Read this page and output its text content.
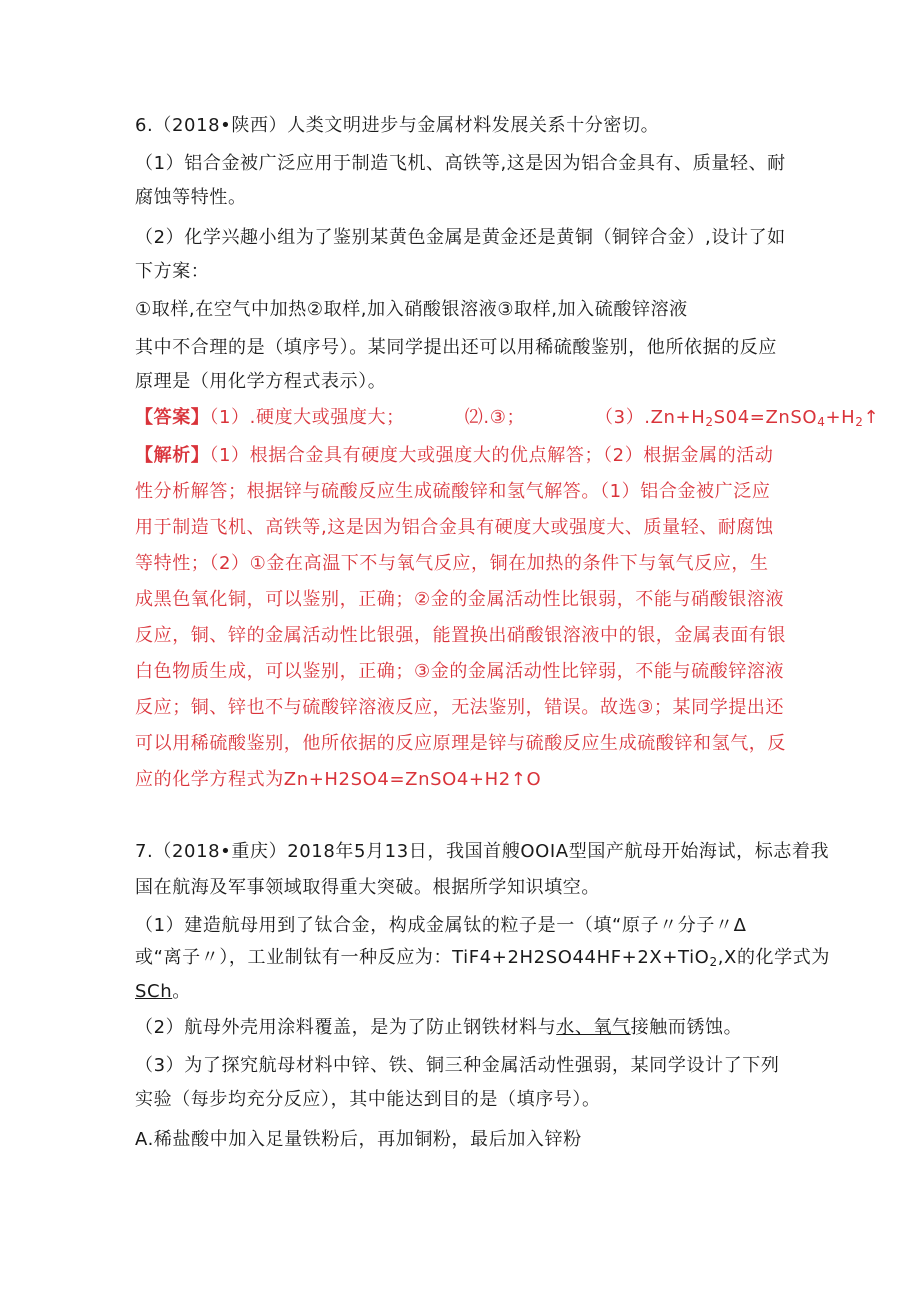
6.（2018•陕西）人类文明进步与金属材料发展关系十分密切。
（1）铝合金被广泛应用于制造飞机、高铁等,这是因为铝合金具有、质量轻、耐
腐蚀等特性。
（2）化学兴趣小组为了鉴别某黄色金属是黄金还是黄铜（铜锌合金）,设计了如
下方案：
①取样,在空气中加热②取样,加入硝酸银溶液③取样,加入硫酸锌溶液
其中不合理的是（填序号）。某同学提出还可以用稀硫酸鉴别，他所依据的反应
原理是（用化学方程式表示）。
【答案】（1）.硬度大或强度大；	⑵.③；	$(3).Zn+H_2S04=ZnSO_4+H_2↑$
【解析】（1）根据合金具有硬度大或强度大的优点解答；（2）根据金属的活动
性分析解答；根据锌与硫酸反应生成硫酸锌和氢气解答。（1）铝合金被广泛应
用于制造飞机、高铁等,这是因为铝合金具有硬度大或强度大、质量轻、耐腐蚀
等特性；（2）①金在高温下不与氧气反应，铜在加热的条件下与氧气反应，生
成黑色氧化铜，可以鉴别，正确；②金的金属活动性比银弱，不能与硝酸银溶液
反应，铜、锌的金属活动性比银强，能置换出硝酸银溶液中的银，金属表面有银
白色物质生成，可以鉴别，正确；③金的金属活动性比锌弱，不能与硫酸锌溶液
反应；铜、锌也不与硫酸锌溶液反应，无法鉴别，错误。故选③；某同学提出还
可以用稀硫酸鉴别，他所依据的反应原理是锌与硫酸反应生成硫酸锌和氢气，反
应的化学方程式为Zn+H2SO4=ZnSO4+H2↑O
7.（2018•重庆）2018年5月13日，我国首艘OOIA型国产航母开始海试，标志着我
国在航海及军事领域取得重大突破。根据所学知识填空。
（1）建造航母用到了钛合金，构成金属钛的粒子是一（填“原子〃分子〃Δ
或“离子〃），工业制钛有一种反应为：TiF4+2H2SO44HF+2X+TiO$_2$,X的化学式为
SCh。
（2）航母外壳用涂料覆盖，是为了防止钢铁材料与水、氧气接触而锈蚀。
（3）为了探究航母材料中锌、铁、铜三种金属活动性强弱，某同学设计了下列
实验（每步均充分反应），其中能达到目的是（填序号）。
A.稀盐酸中加入足量铁粉后，再加铜粉，最后加入锌粉
